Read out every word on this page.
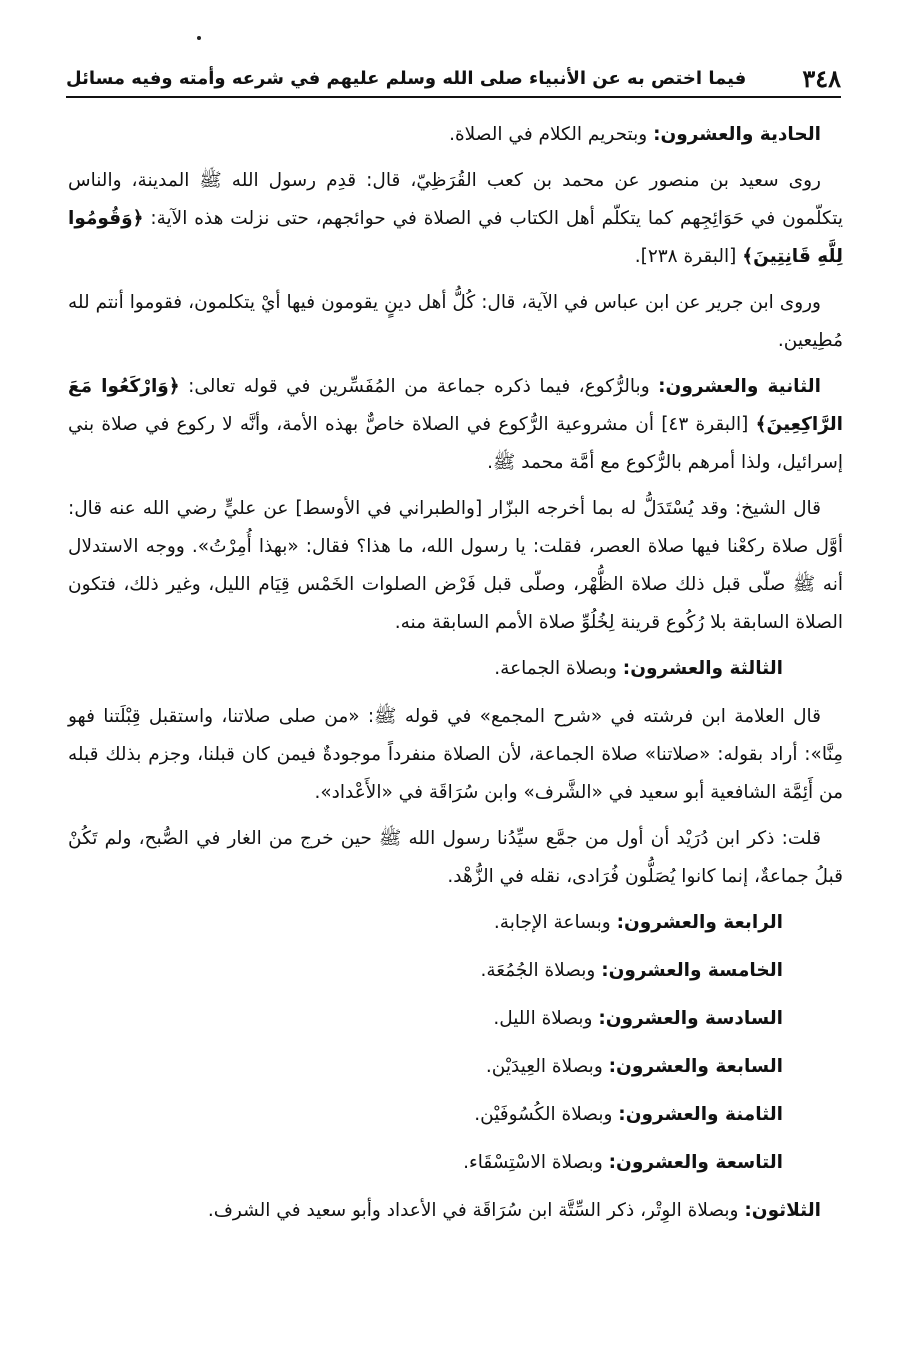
٣٤٨
فيما اختص به عن الأنبياء صلى الله وسلم عليهم في شرعه وأمته وفيه مسائل

الحادية والعشرون: وبتحريم الكلام في الصلاة.

روى سعيد بن منصور عن محمد بن كعب القُرَظِيّ، قال: قدِم رسول الله ﷺ المدينة، والناس يتكلّمون في حَوَائِجِهم كما يتكلّم أهل الكتاب في الصلاة في حوائجهم، حتى نزلت هذه الآية: ﴿وَقُومُوا لِلَّهِ قَانِتِينَ﴾ [البقرة ٢٣٨].

وروى ابن جرير عن ابن عباس في الآية، قال: كُلُّ أهل دينٍ يقومون فيها أيْ يتكلمون، فقوموا أنتم لله مُطِيعين.

الثانية والعشرون: وبالرُّكوع، فيما ذكره جماعة من المُفَسِّرين في قوله تعالى: ﴿وَارْكَعُوا مَعَ الرَّاكِعِينَ﴾ [البقرة ٤٣] أن مشروعية الرُّكوع في الصلاة خاصٌّ بهذه الأمة، وأنَّه لا ركوع في صلاة بني إسرائيل، ولذا أمرهم بالرُّكوع مع أمَّة محمد ﷺ.

قال الشيخ: وقد يُسْتَدَلُّ له بما أخرجه البزّار [والطبراني في الأوسط] عن عليٍّ رضي الله عنه قال: أوَّل صلاة ركعْنا فيها صلاة العصر، فقلت: يا رسول الله، ما هذا؟ فقال: «بهذا أُمِرْتُ». ووجه الاستدلال أنه ﷺ صلّى قبل ذلك صلاة الظُّهْر، وصلّى قبل فَرْض الصلوات الخَمْس قِيَام الليل، وغير ذلك، فتكون الصلاة السابقة بلا رُكُوع قرينة لِخُلُوِّ صلاة الأمم السابقة منه.

الثالثة والعشرون: وبصلاة الجماعة.

قال العلامة ابن فرشته في «شرح المجمع» في قوله ﷺ: «من صلى صلاتنا، واستقبل قِبْلَتنا فهو مِنَّا»: أراد بقوله: «صلاتنا» صلاة الجماعة، لأن الصلاة منفرداً موجودةٌ فيمن كان قبلنا، وجزم بذلك قبله من أَئِمَّة الشافعية أبو سعيد في «الشَّرف» وابن سُرَاقَة في «الأَعْداد».

قلت: ذكر ابن دُرَيْد أن أول من جمَّع سيِّدُنا رسول الله ﷺ حين خرج من الغار في الصُّبح، ولم تَكُنْ قبلُ جماعةٌ، إنما كانوا يُصَلُّون فُرَادى، نقله في الزُّهْد.

الرابعة والعشرون: وبساعة الإجابة.

الخامسة والعشرون: وبصلاة الجُمُعَة.

السادسة والعشرون: وبصلاة الليل.

السابعة والعشرون: وبصلاة العِيدَيْن.

الثامنة والعشرون: وبصلاة الكُسُوفَيْن.

التاسعة والعشرون: وبصلاة الاسْتِسْقَاء.

الثلاثون: وبصلاة الوِتْر، ذكر السِّتَّة ابن سُرَاقَة في الأعداد وأبو سعيد في الشرف.
